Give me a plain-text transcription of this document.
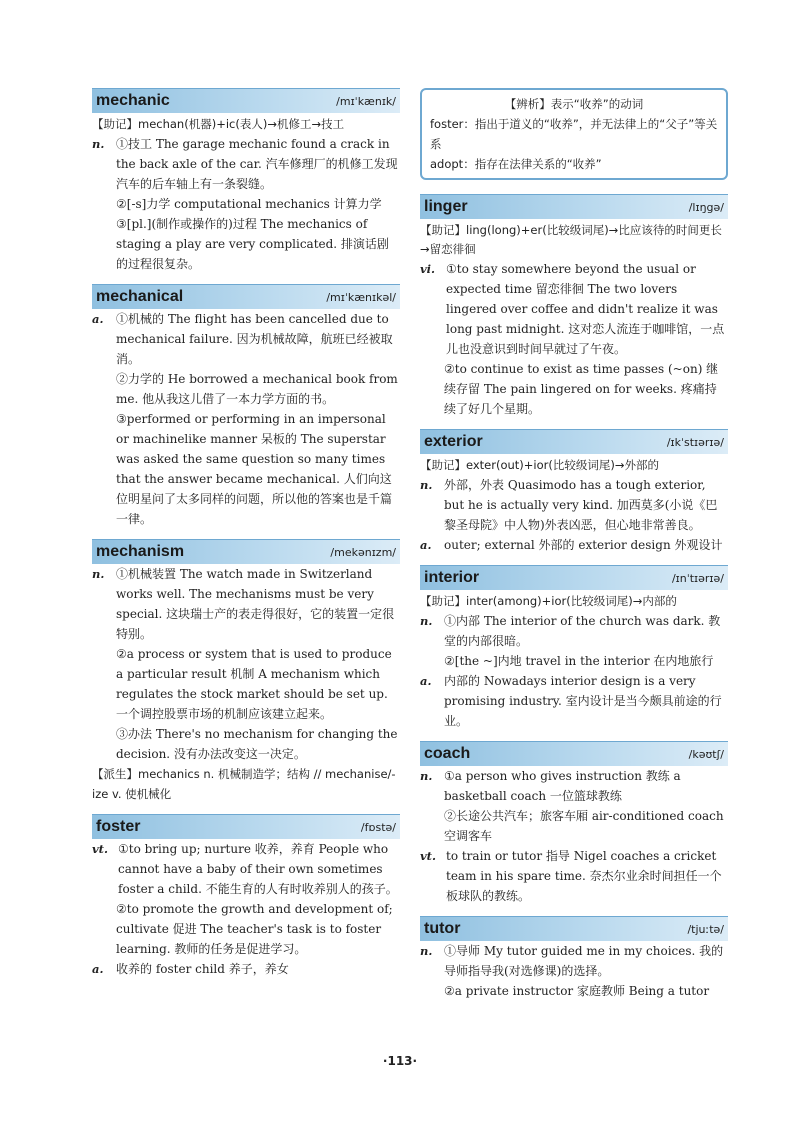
mechanic	/mɪˈkænɪk/
【助记】mechan(机器)+ic(表人)→机修工→技工
n. ①技工 The garage mechanic found a crack in the back axle of the car. 汽车修理厂的机修工发现汽车的后车轴上有一条裂缝。
②[-s]力学 computational mechanics 计算力学
③[pl.](制作或操作的)过程 The mechanics of staging a play are very complicated. 排演话剧的过程很复杂。
mechanical	/mɪˈkænɪkəl/
a.	①机械的 The flight has been cancelled due to mechanical failure. 因为机械故障，航班已经被取消。
②力学的 He borrowed a mechanical book from me. 他从我这儿借了一本力学方面的书。
③performed or performing in an impersonal or machinelike manner 呆板的 The superstar was asked the same question so many times that the answer became mechanical. 人们向这位明星问了太多同样的问题，所以他的答案也是千篇一律。
mechanism	/mekənɪzm/
n. ①机械装置 The watch made in Switzerland works well. The mechanisms must be very special. 这块瑞士产的表走得很好，它的装置一定很特别。
②a process or system that is used to produce a particular result 机制 A mechanism which regulates the stock market should be set up. 一个调控股票市场的机制应该建立起来。
③办法 There's no mechanism for changing the decision. 没有办法改变这一决定。
【派生】mechanics n. 机械制造学；结构 // mechanise/-ize v. 使机械化
foster	/fɒstə/
vt. ①to bring up; nurture 收养，养育 People who cannot have a baby of their own sometimes foster a child. 不能生育的人有时收养别人的孩子。
②to promote the growth and development of; cultivate 促进 The teacher's task is to foster learning. 教师的任务是促进学习。
a.	收养的 foster child 养子，养女
【辨析】表示“收养”的动词
foster：指出于道义的“收养”，并无法律上的“父子”等关系
adopt：指存在法律关系的“收养”
linger	/lɪŋgə/
【助记】ling(long)+er(比较级词尾)→比应该待的时间更长→留恋徘徊
vi. ①to stay somewhere beyond the usual or expected time 留恋徘徊 The two lovers lingered over coffee and didn't realize it was long past midnight. 这对恋人流连于咖啡馆，一点儿也没意识到时间早就过了午夜。
②to continue to exist as time passes (~on) 继续存留 The pain lingered on for weeks. 疼痛持续了好几个星期。
exterior	/ɪkˈstɪərɪə/
【助记】exter(out)+ior(比较级词尾)→外部的
n. 外部，外表 Quasimodo has a tough exterior, but he is actually very kind. 加西莫多(小说《巴黎圣母院》中人物)外表凶恶，但心地非常善良。
a.	outer; external 外部的 exterior design 外观设计
interior	/ɪnˈtɪərɪə/
【助记】inter(among)+ior(比较级词尾)→内部的
n. ①内部 The interior of the church was dark. 教堂的内部很暗。
②[the ~]内地 travel in the interior 在内地旅行
a.	内部的 Nowadays interior design is a very promising industry. 室内设计是当今颇具前途的行业。
coach	/kəʊtʃ/
n. ①a person who gives instruction 教练 a basketball coach 一位篮球教练
②长途公共汽车；旅客车厢 air-conditioned coach 空调客车
vt. to train or tutor 指导 Nigel coaches a cricket team in his spare time. 奈杰尔业余时间担任一个板球队的教练。
tutor	/tjuːtə/
n. ①导师 My tutor guided me in my choices. 我的导师指导我(对选修课)的选择。
②a private instructor 家庭教师 Being a tutor
·113·
